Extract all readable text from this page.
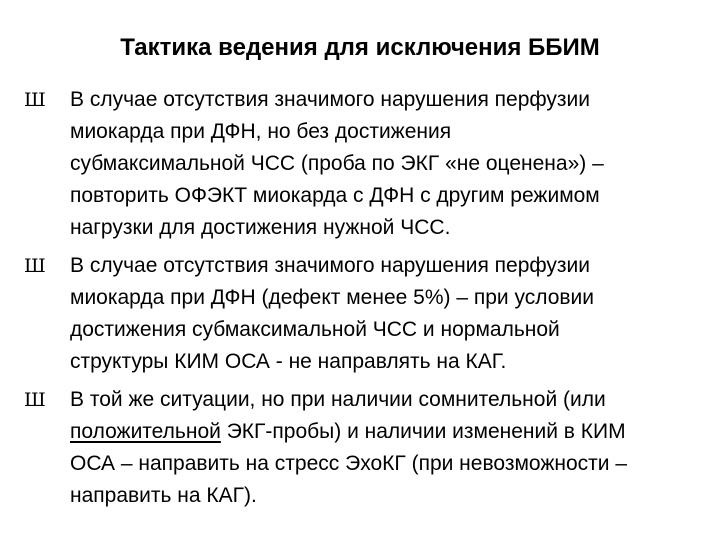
Тактика ведения для исключения ББИМ
Ш В случае отсутствия значимого нарушения перфузии
миокарда при ДФН, но без достижения
субмаксимальной ЧСС (проба по ЭКГ «не оценена») –
повторить ОФЭКТ миокарда с ДФН с другим режимом
нагрузки для достижения нужной ЧСС.
Ш В случае отсутствия значимого нарушения перфузии
миокарда при ДФН (дефект менее 5%) – при условии
достижения субмаксимальной ЧСС и нормальной
структуры КИМ ОСА - не направлять на КАГ.
Ш В той же ситуации, но при наличии сомнительной (или
положительной ЭКГ-пробы) и наличии изменений в КИМ
ОСА – направить на стресс ЭхоКГ (при невозможности –
направить на КАГ).
